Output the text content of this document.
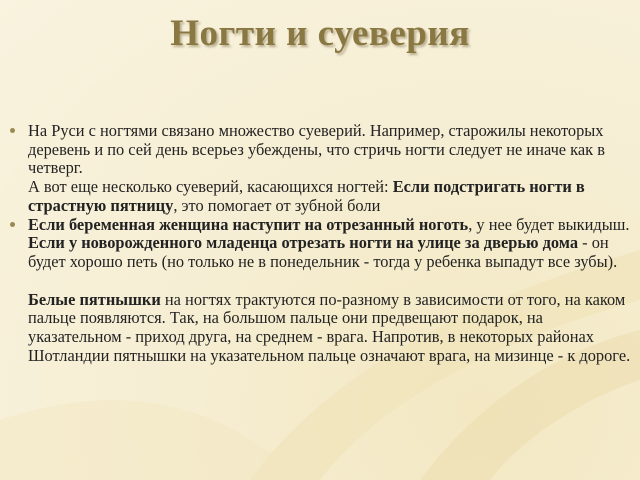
Ногти и суеверия
На Руси с ногтями связано множество суеверий. Например, старожилы некоторых деревень и по сей день всерьез убеждены, что стричь ногти следует не иначе как в четверг.
А вот еще несколько суеверий, касающихся ногтей: Если подстригать ногти в страстную пятницу, это помогает от зубной боли
Если беременная женщина наступит на отрезанный ноготь, у нее будет выкидыш. Если у новорожденного младенца отрезать ногти на улице за дверью дома - он будет хорошо петь (но только не в понедельник - тогда у ребенка выпадут все зубы).
Белые пятнышки на ногтях трактуются по-разному в зависимости от того, на каком пальце появляются. Так, на большом пальце они предвещают подарок, на указательном - приход друга, на среднем - врага. Напротив, в некоторых районах Шотландии пятнышки на указательном пальце означают врага, на мизинце - к дороге.
